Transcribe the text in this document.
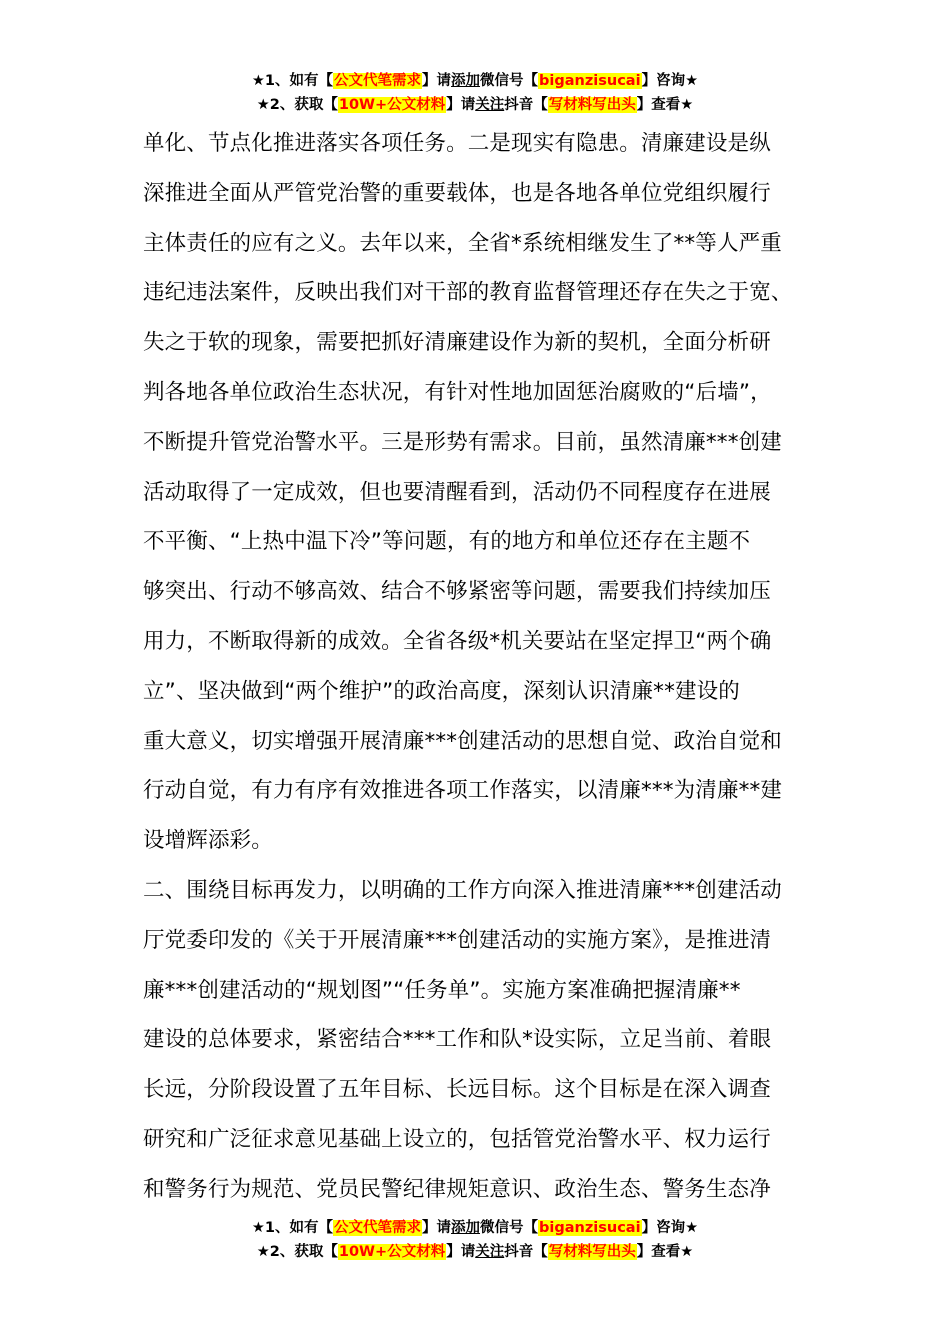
★1、如有【公文代笔需求】请添加微信号【biganzisucai】咨询★
★2、获取【10W+公文材料】请关注抖音【写材料写出头】查看★
单化、节点化推进落实各项任务。二是现实有隐患。清廉建设是纵
深推进全面从严管党治警的重要载体，也是各地各单位党组织履行
主体责任的应有之义。去年以来，全省*系统相继发生了**等人严重
违纪违法案件，反映出我们对干部的教育监督管理还存在失之于宽、
失之于软的现象，需要把抓好清廉建设作为新的契机，全面分析研
判各地各单位政治生态状况，有针对性地加固惩治腐败的“后墙”，
不断提升管党治警水平。三是形势有需求。目前，虽然清廉***创建
活动取得了一定成效，但也要清醒看到，活动仍不同程度存在进展
不平衡、“上热中温下冷”等问题，有的地方和单位还存在主题不
够突出、行动不够高效、结合不够紧密等问题，需要我们持续加压
用力，不断取得新的成效。全省各级*机关要站在坚定捍卫“两个确
立”、坚决做到“两个维护”的政治高度，深刻认识清廉**建设的
重大意义，切实增强开展清廉***创建活动的思想自觉、政治自觉和
行动自觉，有力有序有效推进各项工作落实，以清廉***为清廉**建
设增辉添彩。
二、围绕目标再发力，以明确的工作方向深入推进清廉***创建活动
厅党委印发的《关于开展清廉***创建活动的实施方案》，是推进清
廉***创建活动的“规划图”“任务单”。实施方案准确把握清廉**
建设的总体要求，紧密结合***工作和队*设实际，立足当前、着眼
长远，分阶段设置了五年目标、长远目标。这个目标是在深入调查
研究和广泛征求意见基础上设立的，包括管党治警水平、权力运行
和警务行为规范、党员民警纪律规矩意识、政治生态、警务生态净
★1、如有【公文代笔需求】请添加微信号【biganzisucai】咨询★
★2、获取【10W+公文材料】请关注抖音【写材料写出头】查看★
